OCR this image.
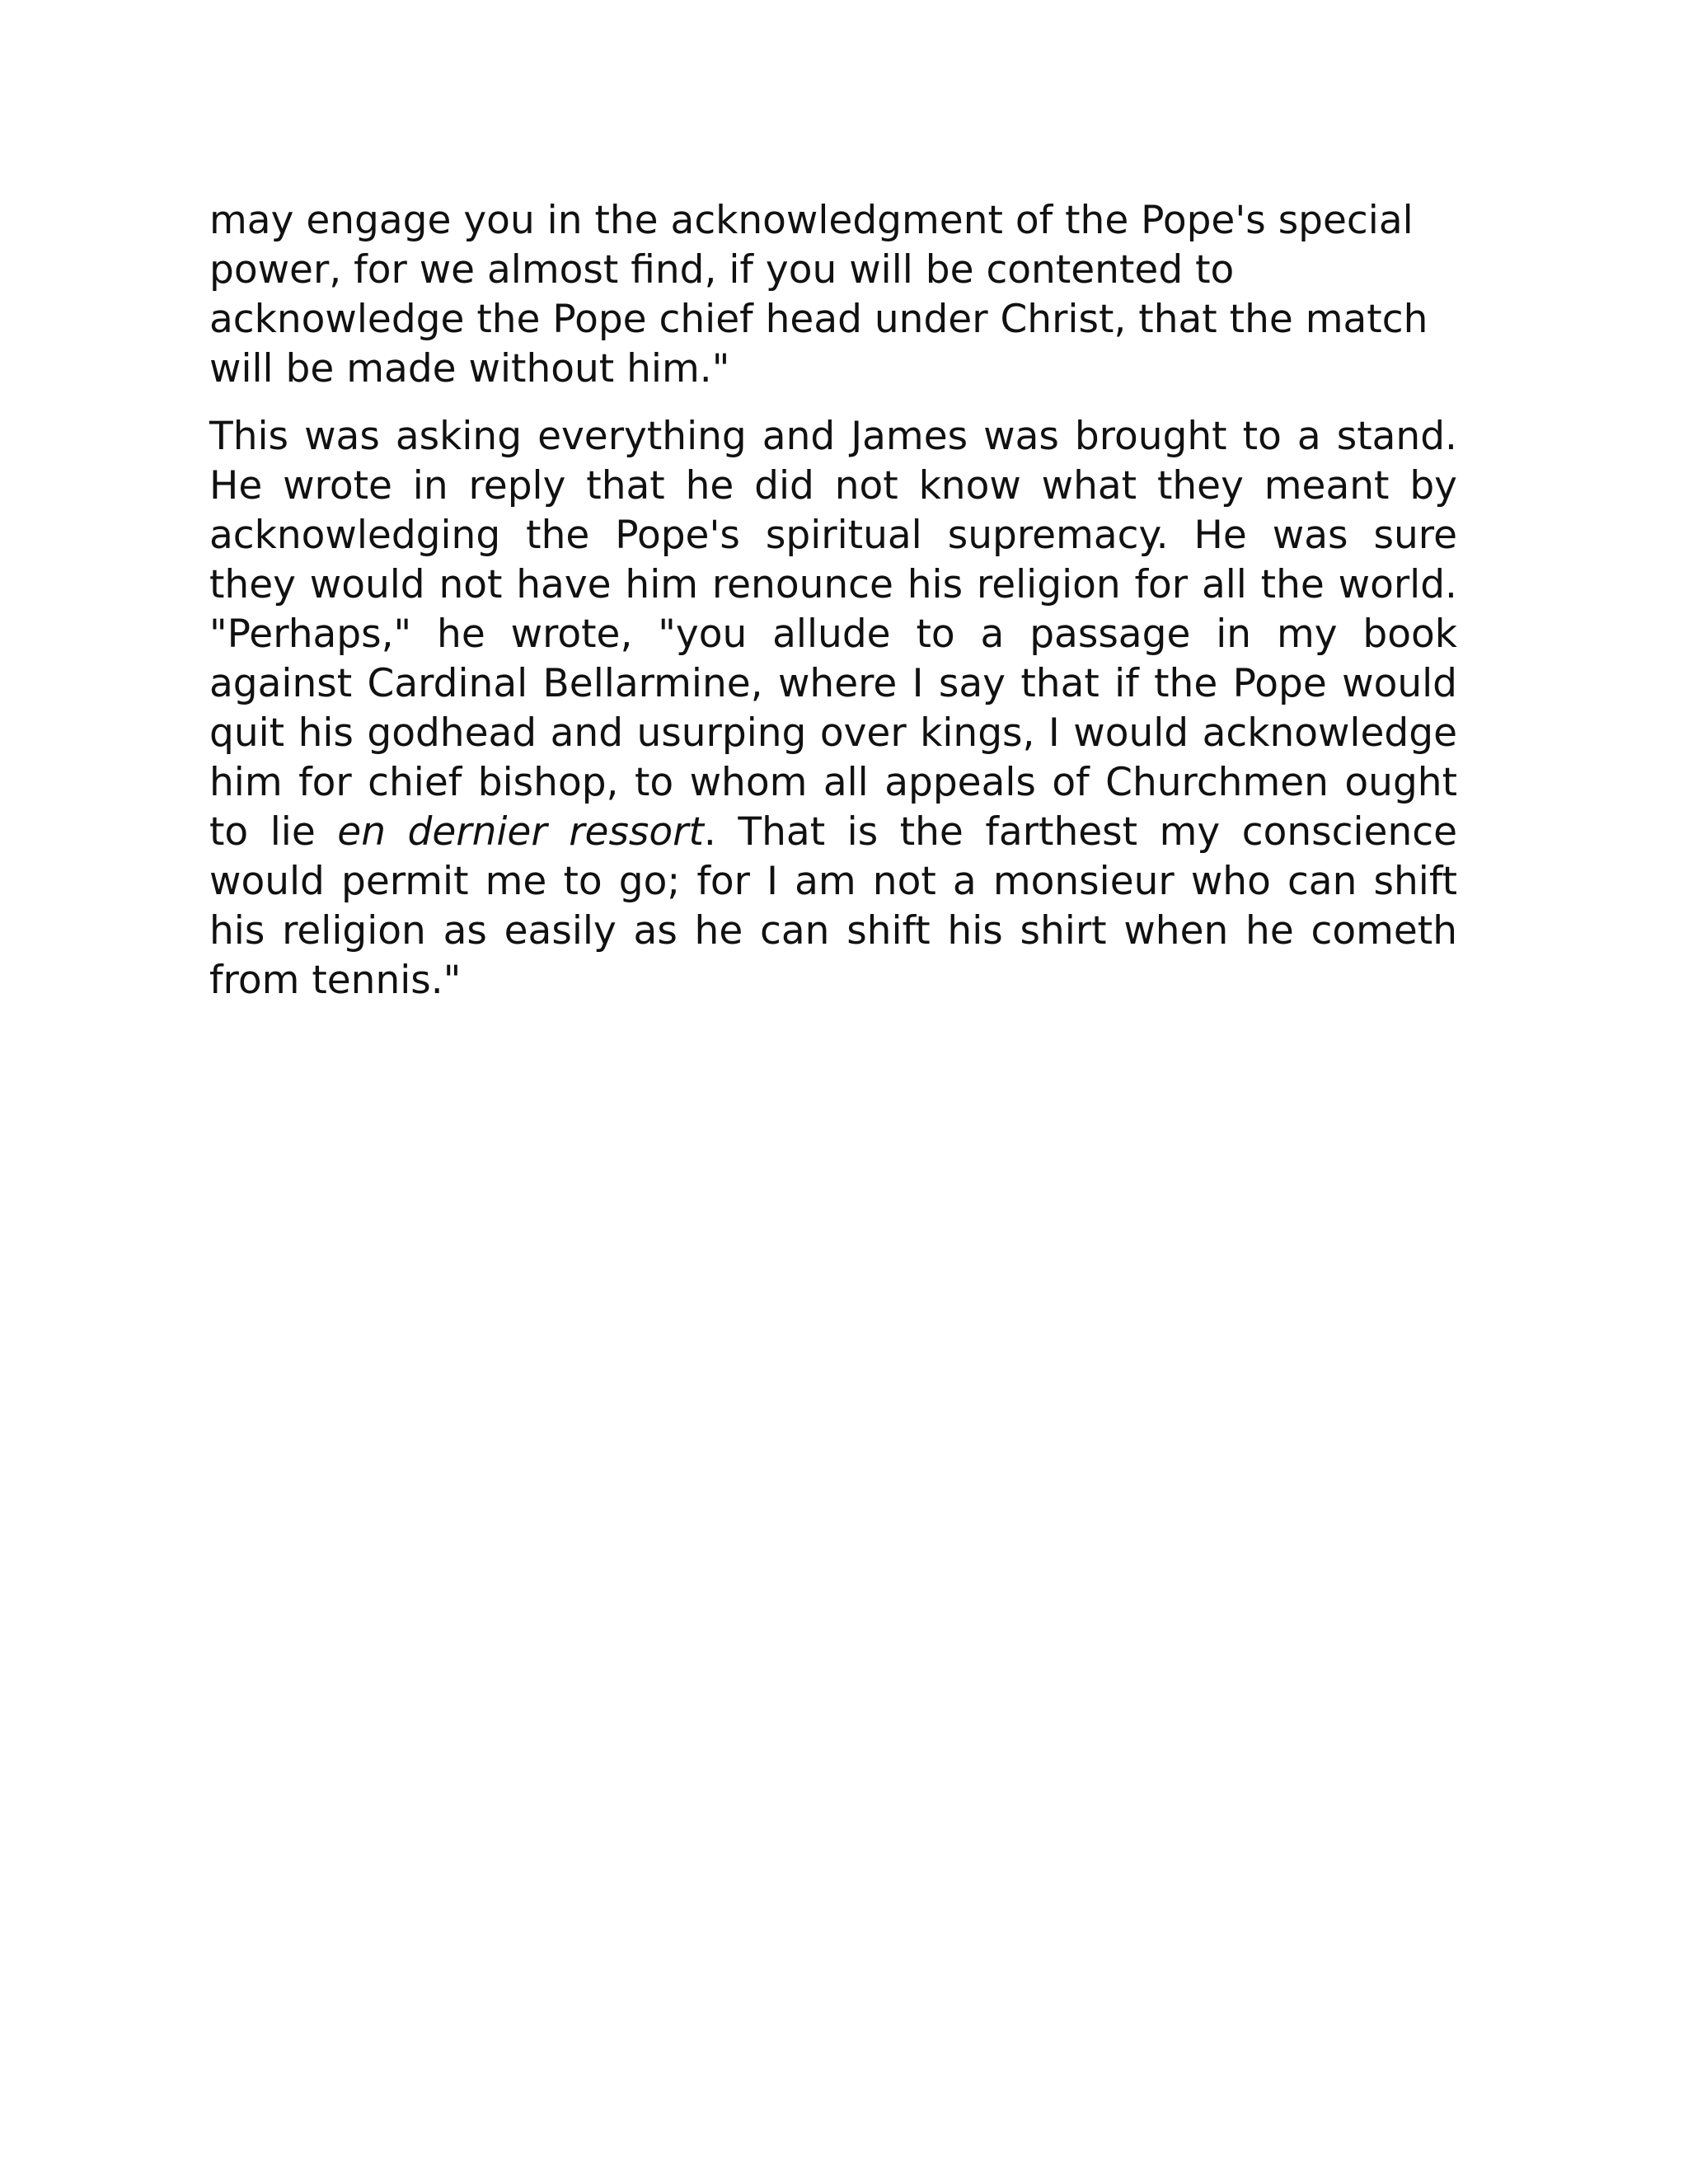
may engage you in the acknowledgment of the Pope's special power, for we almost find, if you will be contented to acknowledge the Pope chief head under Christ, that the match will be made without him."

This was asking everything and James was brought to a stand. He wrote in reply that he did not know what they meant by acknowledging the Pope's spiritual supremacy. He was sure they would not have him renounce his religion for all the world. "Perhaps," he wrote, "you allude to a passage in my book against Cardinal Bellarmine, where I say that if the Pope would quit his godhead and usurping over kings, I would acknowledge him for chief bishop, to whom all appeals of Churchmen ought to lie en dernier ressort. That is the farthest my conscience would permit me to go; for I am not a monsieur who can shift his religion as easily as he can shift his shirt when he cometh from tennis."
